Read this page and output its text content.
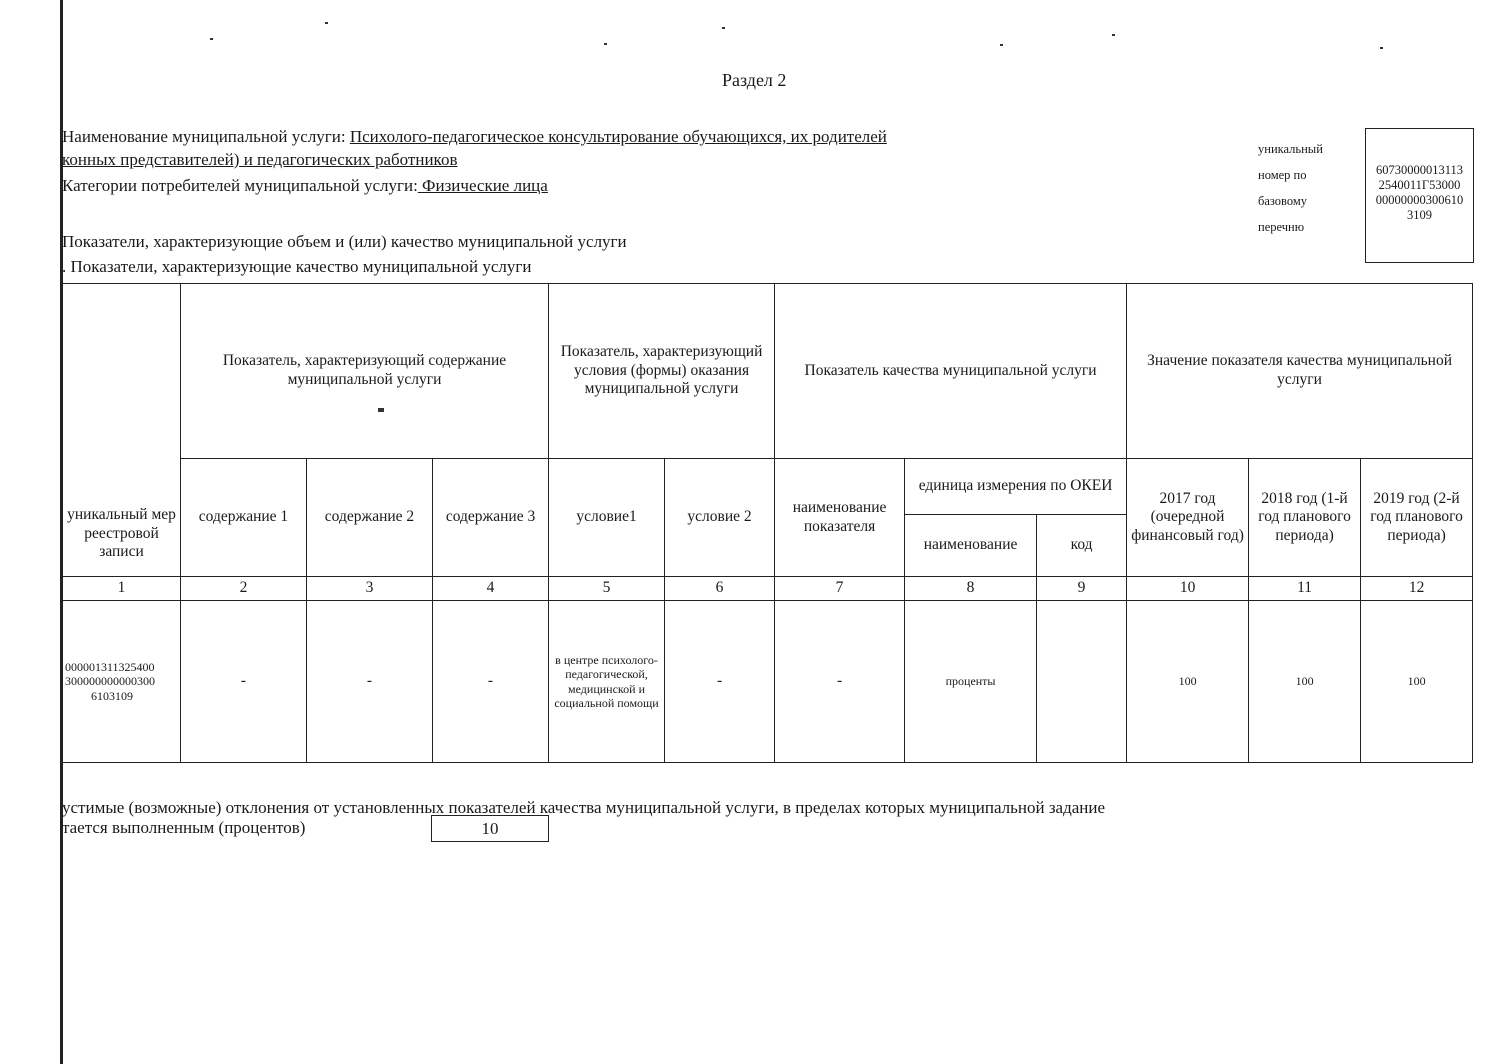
Раздел 2
Наименование муниципальной услуги: Психолого-педагогическое консультирование обучающихся, их родителей
конных представителей) и педагогических работников
Категории потребителей муниципальной услуги: Физические лица
Показатели, характеризующие объем и (или) качество муниципальной услуги
. Показатели, характеризующие качество муниципальной услуги
уникальный
номер по
базовому
перечню
60730000013113
2540011Г53000
00000000300610
3109
уникальный мер реестровой записи	Показатель, характеризующий содержание муниципальной услуги			Показатель, характеризующий условия (формы) оказания муниципальной услуги		Показатель качества муниципальной услуги			Значение показателя качества муниципальной услуги		
	содержание 1	содержание 2	содержание 3	условие1	условие 2	наименование показателя	единица измерения по ОКЕИ		2017 год (очередной финансовый год)	2018 год (1-й год планового периода)	2019 год (2-й год планового периода)
							наименование	код			
1	2	3	4	5	6	7	8	9	10	11	12

000001311325400
300000000000300
6103109	-	-	-	в центре психолого-педагогической, медицинской и социальной помощи	-	-	проценты		100	100	100
устимые (возможные) отклонения от установленных показателей качества муниципальной услуги, в пределах которых муниципальной задание
тается выполненным (процентов)	10
